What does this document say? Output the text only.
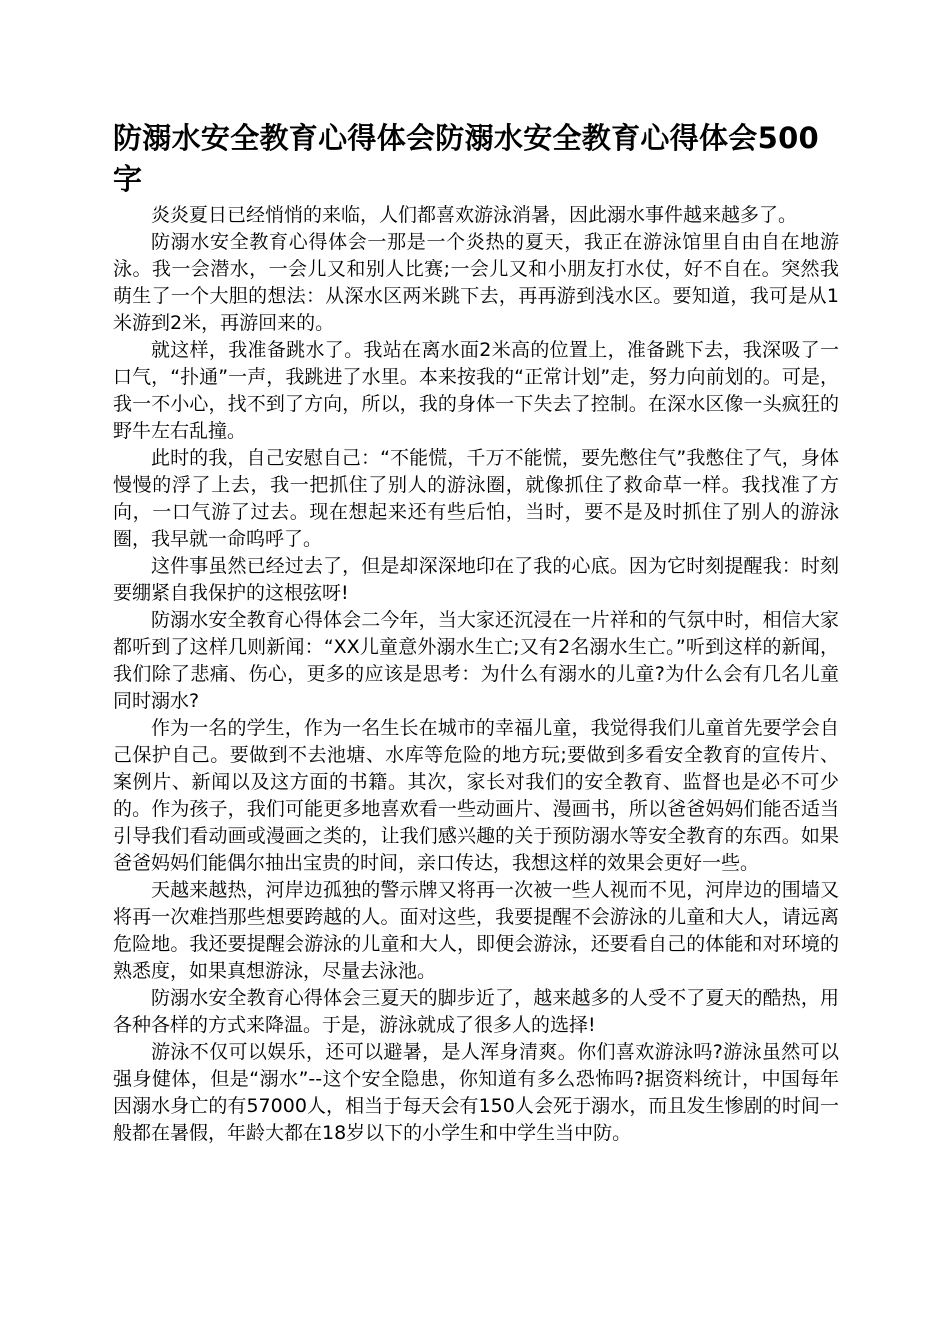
防溺水安全教育心得体会防溺水安全教育心得体会500字

炎炎夏日已经悄悄的来临，人们都喜欢游泳消暑，因此溺水事件越来越多了。

防溺水安全教育心得体会一那是一个炎热的夏天，我正在游泳馆里自由自在地游泳。我一会潜水，一会儿又和别人比赛;一会儿又和小朋友打水仗，好不自在。突然我萌生了一个大胆的想法：从深水区两米跳下去，再再游到浅水区。要知道，我可是从1米游到2米，再游回来的。

就这样，我准备跳水了。我站在离水面2米高的位置上，准备跳下去，我深吸了一口气，“扑通”一声，我跳进了水里。本来按我的“正常计划”走，努力向前划的。可是，我一不小心，找不到了方向，所以，我的身体一下失去了控制。在深水区像一头疯狂的野牛左右乱撞。

此时的我，自己安慰自己：“不能慌，千万不能慌，要先憋住气”我憋住了气，身体慢慢的浮了上去，我一把抓住了别人的游泳圈，就像抓住了救命草一样。我找准了方向，一口气游了过去。现在想起来还有些后怕，当时，要不是及时抓住了别人的游泳圈，我早就一命呜呼了。

这件事虽然已经过去了，但是却深深地印在了我的心底。因为它时刻提醒我：时刻要绷紧自我保护的这根弦呀!

防溺水安全教育心得体会二今年，当大家还沉浸在一片祥和的气氛中时，相信大家都听到了这样几则新闻：“XX儿童意外溺水生亡;又有2名溺水生亡。”听到这样的新闻，我们除了悲痛、伤心，更多的应该是思考：为什么有溺水的儿童?为什么会有几名儿童同时溺水?

作为一名的学生，作为一名生长在城市的幸福儿童，我觉得我们儿童首先要学会自己保护自己。要做到不去池塘、水库等危险的地方玩;要做到多看安全教育的宣传片、案例片、新闻以及这方面的书籍。其次，家长对我们的安全教育、监督也是必不可少的。作为孩子，我们可能更多地喜欢看一些动画片、漫画书，所以爸爸妈妈们能否适当引导我们看动画或漫画之类的，让我们感兴趣的关于预防溺水等安全教育的东西。如果爸爸妈妈们能偶尔抽出宝贵的时间，亲口传达，我想这样的效果会更好一些。

天越来越热，河岸边孤独的警示牌又将再一次被一些人视而不见，河岸边的围墙又将再一次难挡那些想要跨越的人。面对这些，我要提醒不会游泳的儿童和大人，请远离危险地。我还要提醒会游泳的儿童和大人，即便会游泳，还要看自己的体能和对环境的熟悉度，如果真想游泳，尽量去泳池。

防溺水安全教育心得体会三夏天的脚步近了，越来越多的人受不了夏天的酷热，用各种各样的方式来降温。于是，游泳就成了很多人的选择!

游泳不仅可以娱乐，还可以避暑，是人浑身清爽。你们喜欢游泳吗?游泳虽然可以强身健体，但是“溺水”--这个安全隐患，你知道有多么恐怖吗?据资料统计，中国每年因溺水身亡的有57000人，相当于每天会有150人会死于溺水，而且发生惨剧的时间一般都在暑假，年龄大都在18岁以下的小学生和中学生当中防。
